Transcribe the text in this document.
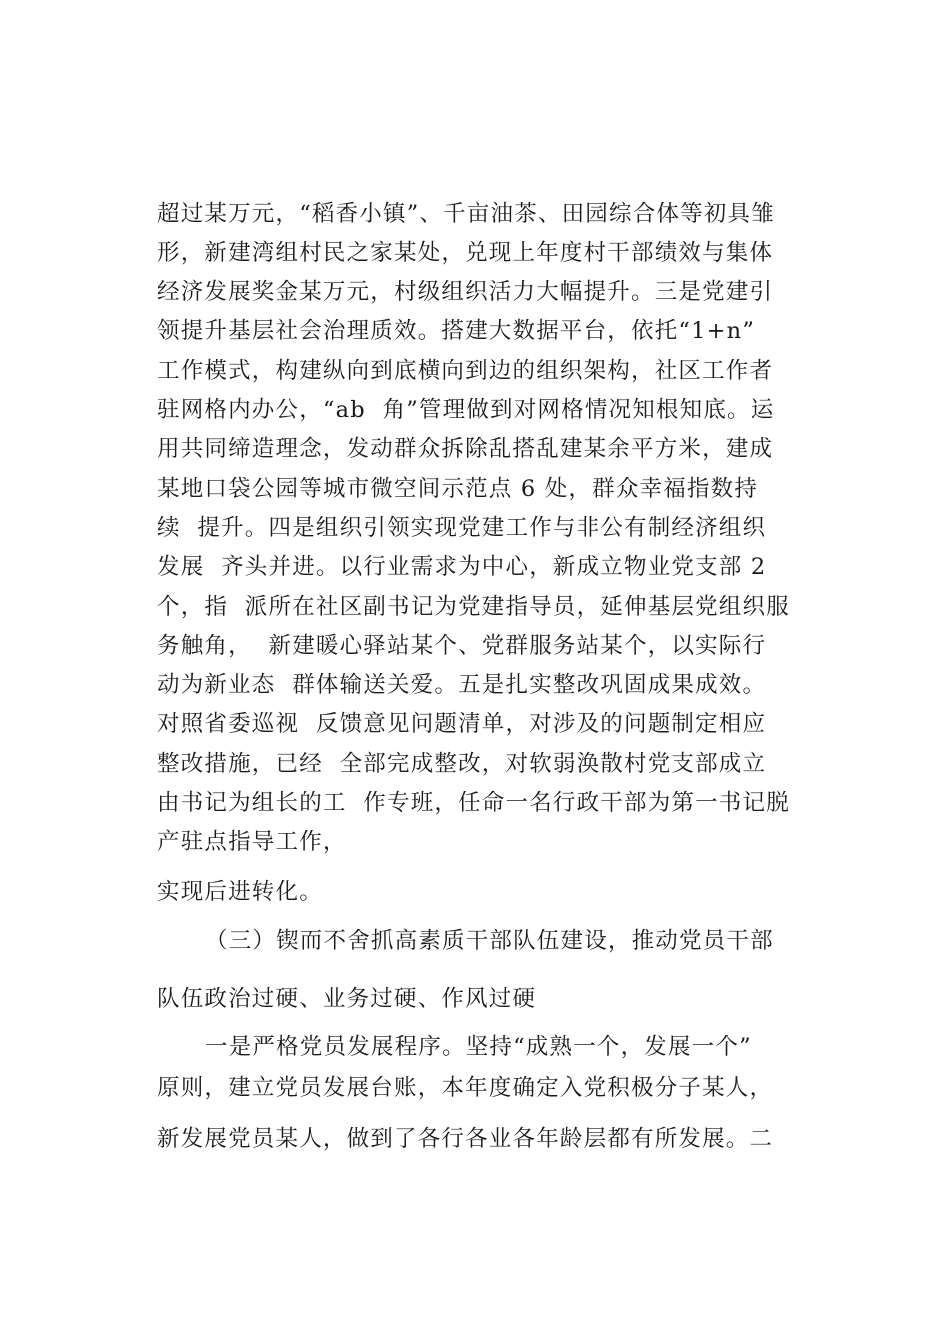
超过某万元，“稻香小镇”、千亩油茶、田园综合体等初具雏
形，新建湾组村民之家某处，兑现上年度村干部绩效与集体
经济发展奖金某万元，村级组织活力大幅提升。三是党建引
领提升基层社会治理质效。搭建大数据平台，依托“1+n”
工作模式，构建纵向到底横向到边的组织架构，社区工作者
驻网格内办公，“ab  角”管理做到对网格情况知根知底。运
用共同缔造理念，发动群众拆除乱搭乱建某余平方米，建成
某地口袋公园等城市微空间示范点 6 处，群众幸福指数持
续  提升。四是组织引领实现党建工作与非公有制经济组织
发展  齐头并进。以行业需求为中心，新成立物业党支部 2
个，指  派所在社区副书记为党建指导员，延伸基层党组织服
务触角，  新建暖心驿站某个、党群服务站某个，以实际行
动为新业态  群体输送关爱。五是扎实整改巩固成果成效。
对照省委巡视  反馈意见问题清单，对涉及的问题制定相应
整改措施，已经  全部完成整改，对软弱涣散村党支部成立
由书记为组长的工  作专班，任命一名行政干部为第一书记脱
产驻点指导工作，
实现后进转化。
（三）锲而不舍抓高素质干部队伍建设，推动党员干部
队伍政治过硬、业务过硬、作风过硬
一是严格党员发展程序。坚持“成熟一个，发展一个”
原则，建立党员发展台账，本年度确定入党积极分子某人，
新发展党员某人，做到了各行各业各年龄层都有所发展。二
